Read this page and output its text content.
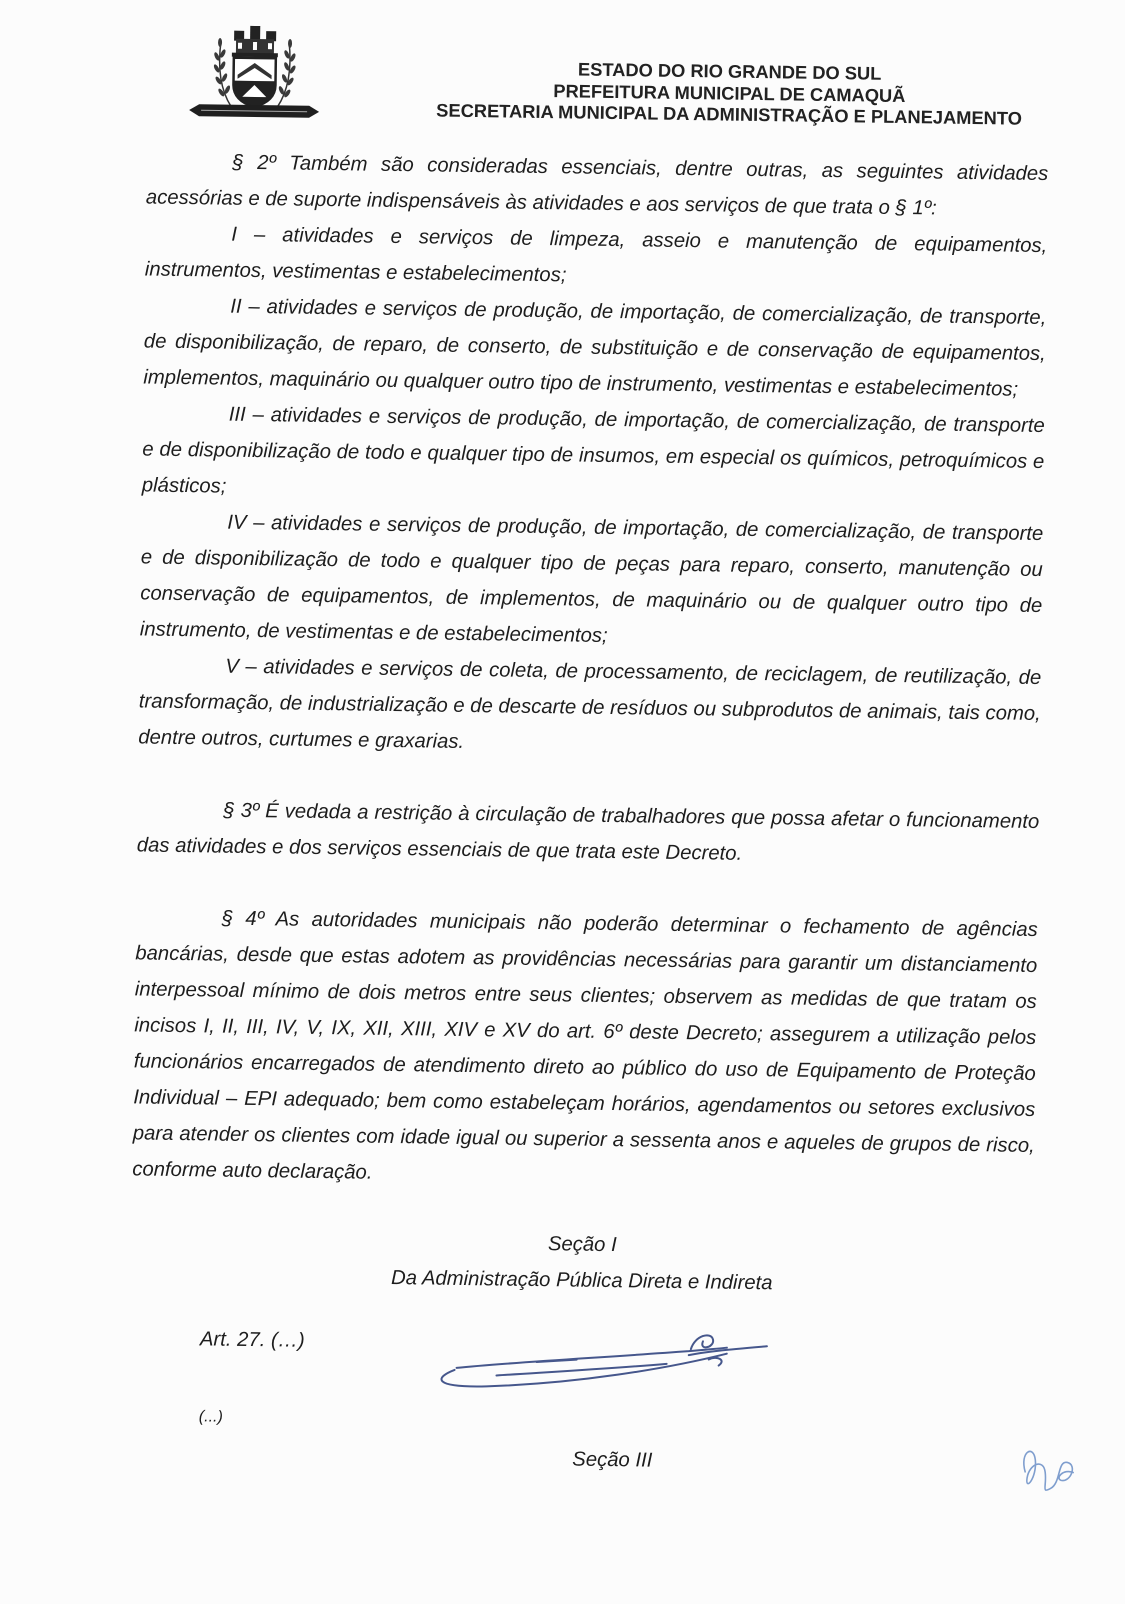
ESTADO DO RIO GRANDE DO SUL
PREFEITURA MUNICIPAL DE CAMAQUÃ
SECRETARIA MUNICIPAL DA ADMINISTRAÇÃO E PLANEJAMENTO

§ 2º Também são consideradas essenciais, dentre outras, as seguintes atividades acessórias e de suporte indispensáveis às atividades e aos serviços de que trata o § 1º:

I – atividades e serviços de limpeza, asseio e manutenção de equipamentos, instrumentos, vestimentas e estabelecimentos;

II – atividades e serviços de produção, de importação, de comercialização, de transporte, de disponibilização, de reparo, de conserto, de substituição e de conservação de equipamentos, implementos, maquinário ou qualquer outro tipo de instrumento, vestimentas e estabelecimentos;

III – atividades e serviços de produção, de importação, de comercialização, de transporte e de disponibilização de todo e qualquer tipo de insumos, em especial os químicos, petroquímicos e plásticos;

IV – atividades e serviços de produção, de importação, de comercialização, de transporte e de disponibilização de todo e qualquer tipo de peças para reparo, conserto, manutenção ou conservação de equipamentos, de implementos, de maquinário ou de qualquer outro tipo de instrumento, de vestimentas e de estabelecimentos;

V – atividades e serviços de coleta, de processamento, de reciclagem, de reutilização, de transformação, de industrialização e de descarte de resíduos ou subprodutos de animais, tais como, dentre outros, curtumes e graxarias.

§ 3º É vedada a restrição à circulação de trabalhadores que possa afetar o funcionamento das atividades e dos serviços essenciais de que trata este Decreto.

§ 4º As autoridades municipais não poderão determinar o fechamento de agências bancárias, desde que estas adotem as providências necessárias para garantir um distanciamento interpessoal mínimo de dois metros entre seus clientes; observem as medidas de que tratam os incisos I, II, III, IV, V, IX, XII, XIII, XIV e XV do art. 6º deste Decreto; assegurem a utilização pelos funcionários encarregados de atendimento direto ao público do uso de Equipamento de Proteção Individual – EPI adequado; bem como estabeleçam horários, agendamentos ou setores exclusivos para atender os clientes com idade igual ou superior a sessenta anos e aqueles de grupos de risco, conforme auto declaração.

Seção I
Da Administração Pública Direta e Indireta
Art. 27. (…)
(...)
Seção III
